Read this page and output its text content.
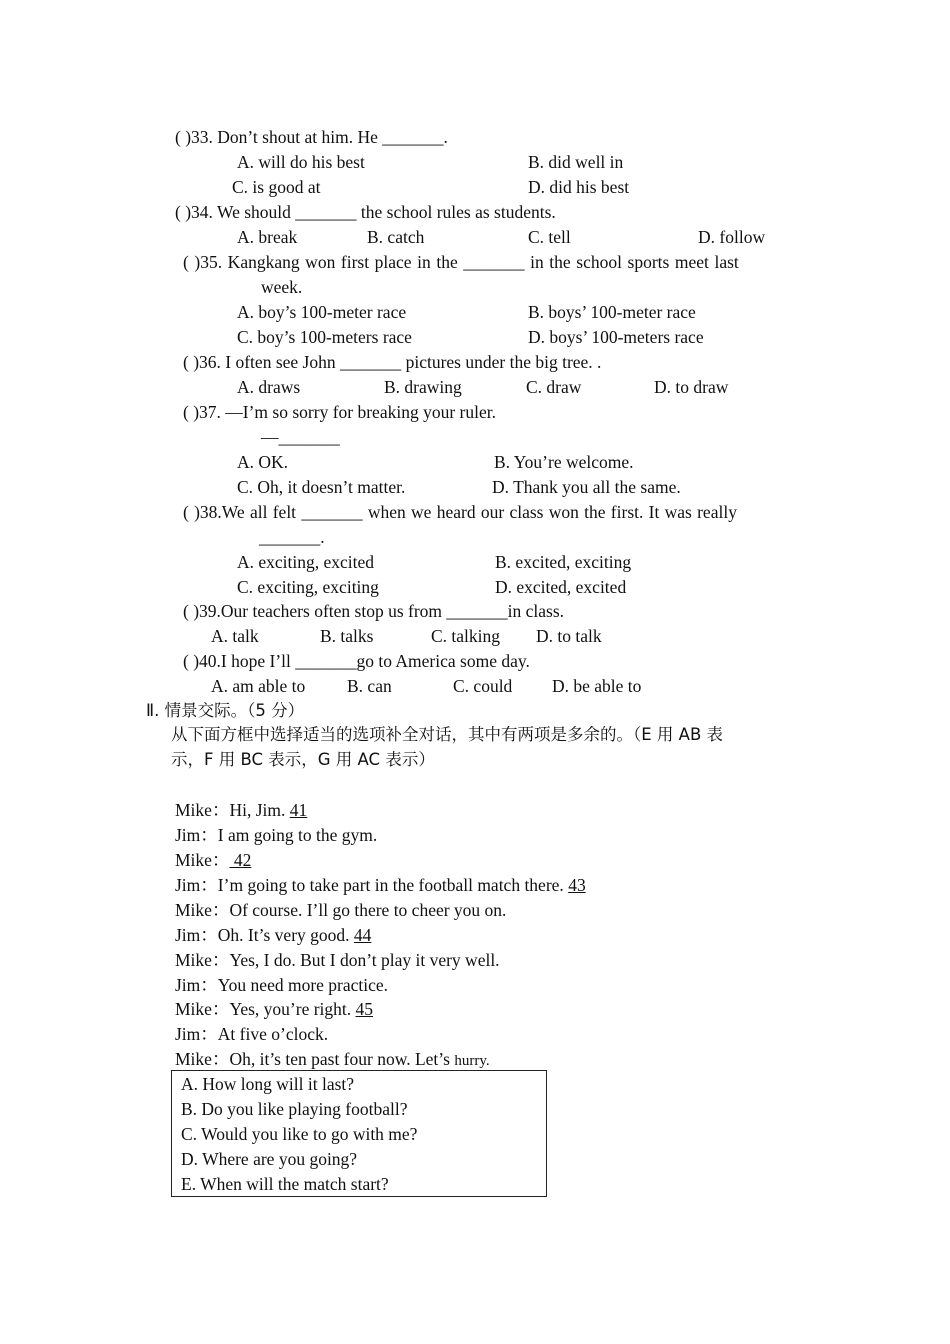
( )33. Don’t shout at him. He _______.
A. will do his best	B. did well in
C. is good at	D. did his best
( )34. We should _______ the school rules as students.
A. break	B. catch	C. tell	D. follow
( )35. Kangkang won first place in the _______ in the school sports meet last
week.
A. boy’s 100-meter race	B. boys’ 100-meter race
C. boy’s 100-meters race	D. boys’ 100-meters race
( )36. I often see John _______ pictures under the big tree. .
A. draws	B. drawing	C. draw	D. to draw
( )37. —I’m so sorry for breaking your ruler.
—_______
A. OK.	B. You’re welcome.
C. Oh, it doesn’t matter.	D. Thank you all the same.
( )38.We all felt _______ when we heard our class won the first. It was really
_______.
A. exciting, excited	B. excited, exciting
C. exciting, exciting	D. excited, excited
( )39.Our teachers often stop us from _______in class.
A. talk	B. talks	C. talking D. to talk
( )40.I hope I’ll _______go to America some day.
A. am able to B. can	C. could D. be able to
Ⅱ. 情景交际。（5 分）
从下面方框中选择适当的选项补全对话，其中有两项是多余的。（E 用 AB 表
示，F 用 BC 表示，G 用 AC 表示）
Mike：Hi, Jim. 41
Jim：I am going to the gym.
Mike： 42
Jim：I’m going to take part in the football match there. 43
Mike：Of course. I’ll go there to cheer you on.
Jim：Oh. It’s very good. 44
Mike：Yes, I do. But I don’t play it very well.
Jim：You need more practice.
Mike：Yes, you’re right. 45
Jim：At five o’clock.
Mike：Oh, it’s ten past four now. Let’s hurry.
A. How long will it last?
B. Do you like playing football?
C. Would you like to go with me?
D. Where are you going?
E. When will the match start?
